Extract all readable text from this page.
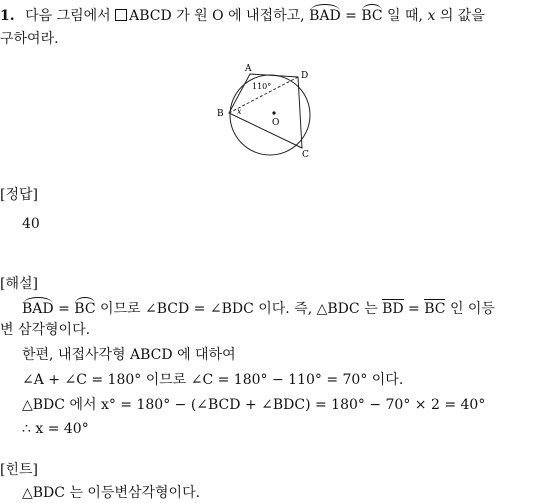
1. 다음 그림에서 ABCD 가 원 O 에 내접하고, BAD = BC 일 때, x 의 값을
구하여라.
A
B
C
D
O
110°
x
[정답]
40
[해설]
BAD = BC 이므로 ∠BCD = ∠BDC 이다. 즉, △BDC 는 BD = BC 인 이등
변 삼각형이다.
한편, 내접사각형 ABCD 에 대하여
∠A + ∠C = 180° 이므로 ∠C = 180° − 110° = 70° 이다.
△BDC 에서 x° = 180° − (∠BCD + ∠BDC) = 180° − 70° × 2 = 40°
∴ x = 40°
[힌트]
△BDC 는 이등변삼각형이다.
